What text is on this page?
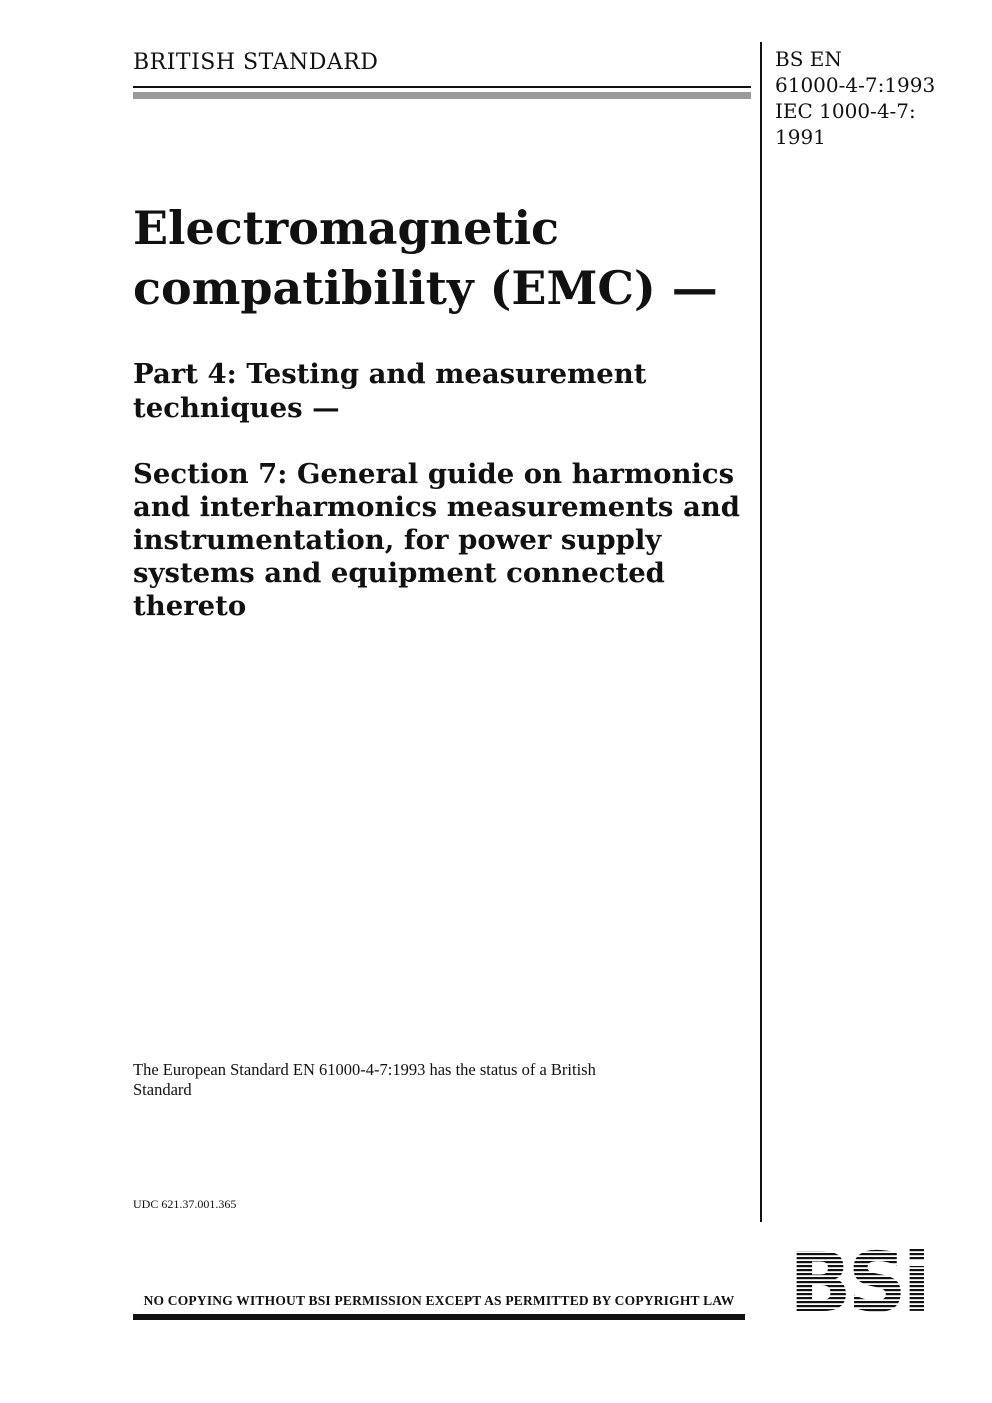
BRITISH STANDARD	BS EN
61000-4-7:1993
IEC 1000-4-7:
1991
Electromagnetic
compatibility (EMC) —
Part 4: Testing and measurement techniques —
Section 7: General guide on harmonics
and interharmonics measurements and
instrumentation, for power supply
systems and equipment connected
thereto
The European Standard EN 61000-4-7:1993 has the status of a British Standard
UDC 621.37.001.365
NO COPYING WITHOUT BSI PERMISSION EXCEPT AS PERMITTED BY COPYRIGHT LAW
